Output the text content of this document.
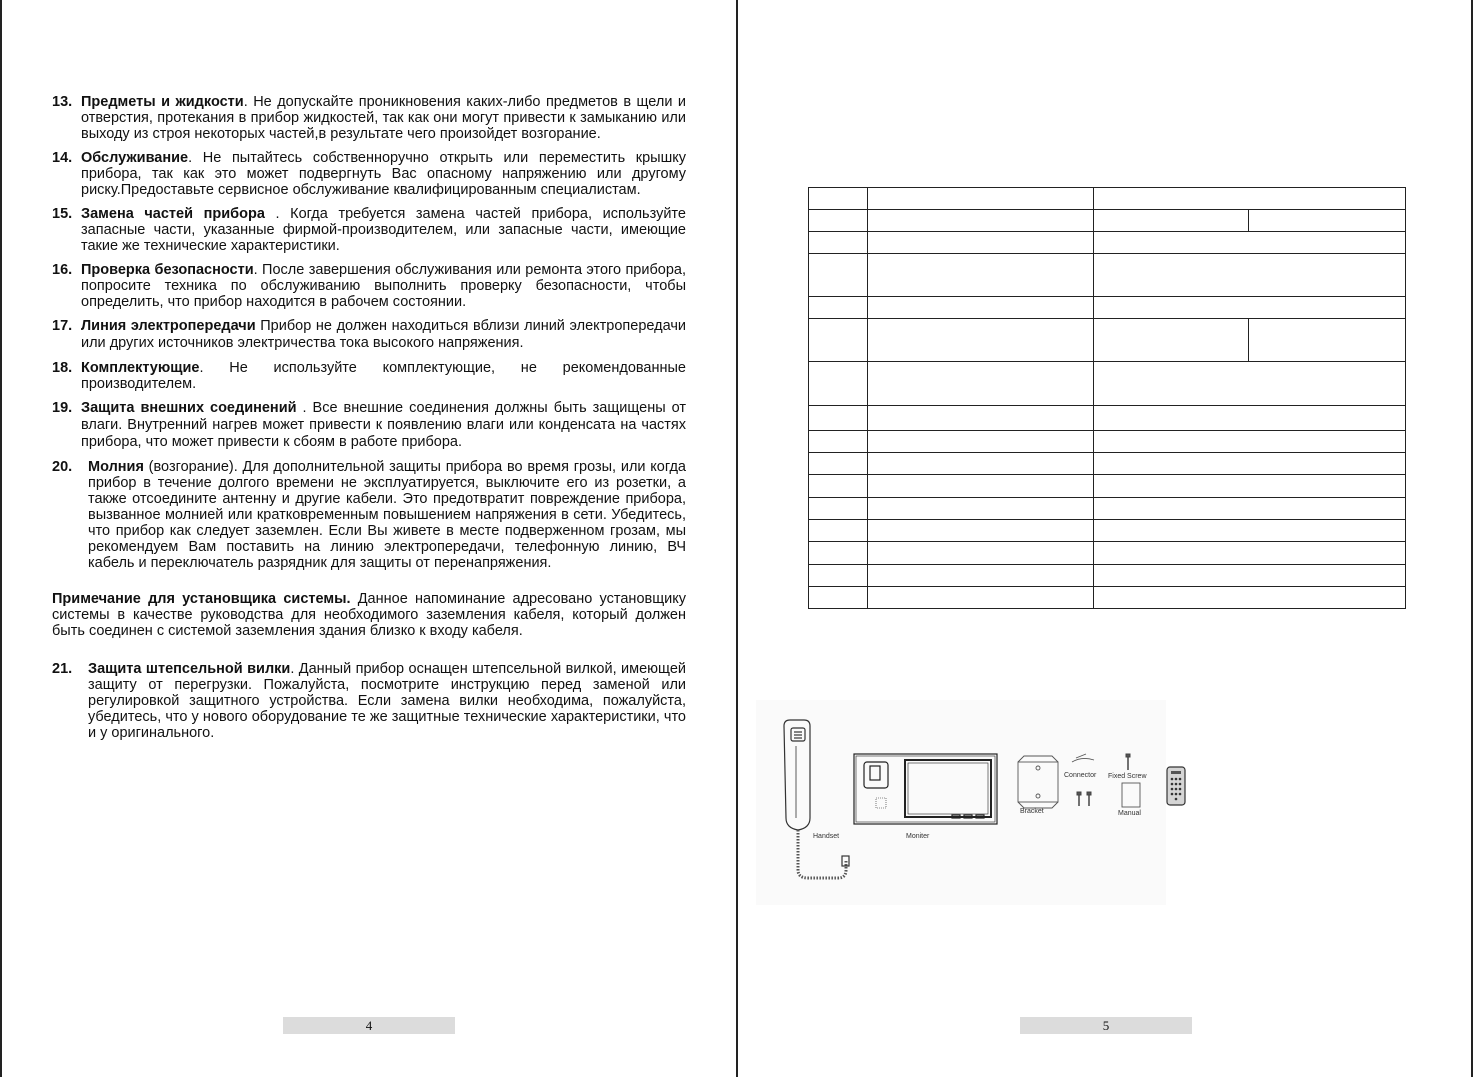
13. Предметы и жидкости. Не допускайте проникновения каких-либо предметов в щели и отверстия, протекания в прибор жидкостей, так как они могут привести к замыканию или выходу из строя некоторых частей,в результате чего произойдет возгорание.
14. Обслуживание. Не пытайтесь собственноручно открыть или переместить крышку прибора, так как это может подвергнуть Вас опасному напряжению или другому риску.Предоставьте сервисное обслуживание квалифицированным специалистам.
15. Замена частей прибора . Когда требуется замена частей прибора, используйте запасные части, указанные фирмой-производителем, или запасные части, имеющие такие же технические характеристики.
16. Проверка безопасности. После завершения обслуживания или ремонта этого прибора, попросите техника по обслуживанию выполнить проверку безопасности, чтобы определить, что прибор находится в рабочем состоянии.
17. Линия электропередачи Прибор не должен находиться вблизи линий электропередачи или других источников электричества тока высокого напряжения.
18. Комплектующие. Не используйте комплектующие, не рекомендованные производителем.
19. Защита внешних соединений . Все внешние соединения должны быть защищены от влаги. Внутренний нагрев может привести к появлению влаги или конденсата на частях прибора, что может привести к сбоям в работе прибора.
20. Молния (возгорание). Для дополнительной защиты прибора во время грозы, или когда прибор в течение долгого времени не эксплуатируется, выключите его из розетки, а также отсоедините антенну и другие кабели. Это предотвратит повреждение прибора, вызванное молнией или кратковременным повышением напряжения в сети. Убедитесь, что прибор как следует заземлен. Если Вы живете в месте подверженном грозам, мы рекомендуем Вам поставить на линию электропередачи, телефонную линию, ВЧ кабель и переключатель разрядник для защиты от перенапряжения.
Примечание для установщика системы. Данное напоминание адресовано установщику системы в качестве руководства для необходимого заземления кабеля, который должен быть соединен с системой заземления здания близко к входу кабеля.
21. Защита штепсельной вилки. Данный прибор оснащен штепсельной вилкой, имеющей защиту от перегрузки. Пожалуйста, посмотрите инструкцию перед заменой или регулировкой защитного устройства. Если замена вилки необходима, пожалуйста, убедитесь, что у нового оборудование те же защитные технические характеристики, что и у оригинального.
4

Handset	Moniter
Bracket
Connector Fixed Screw
Manual
5
